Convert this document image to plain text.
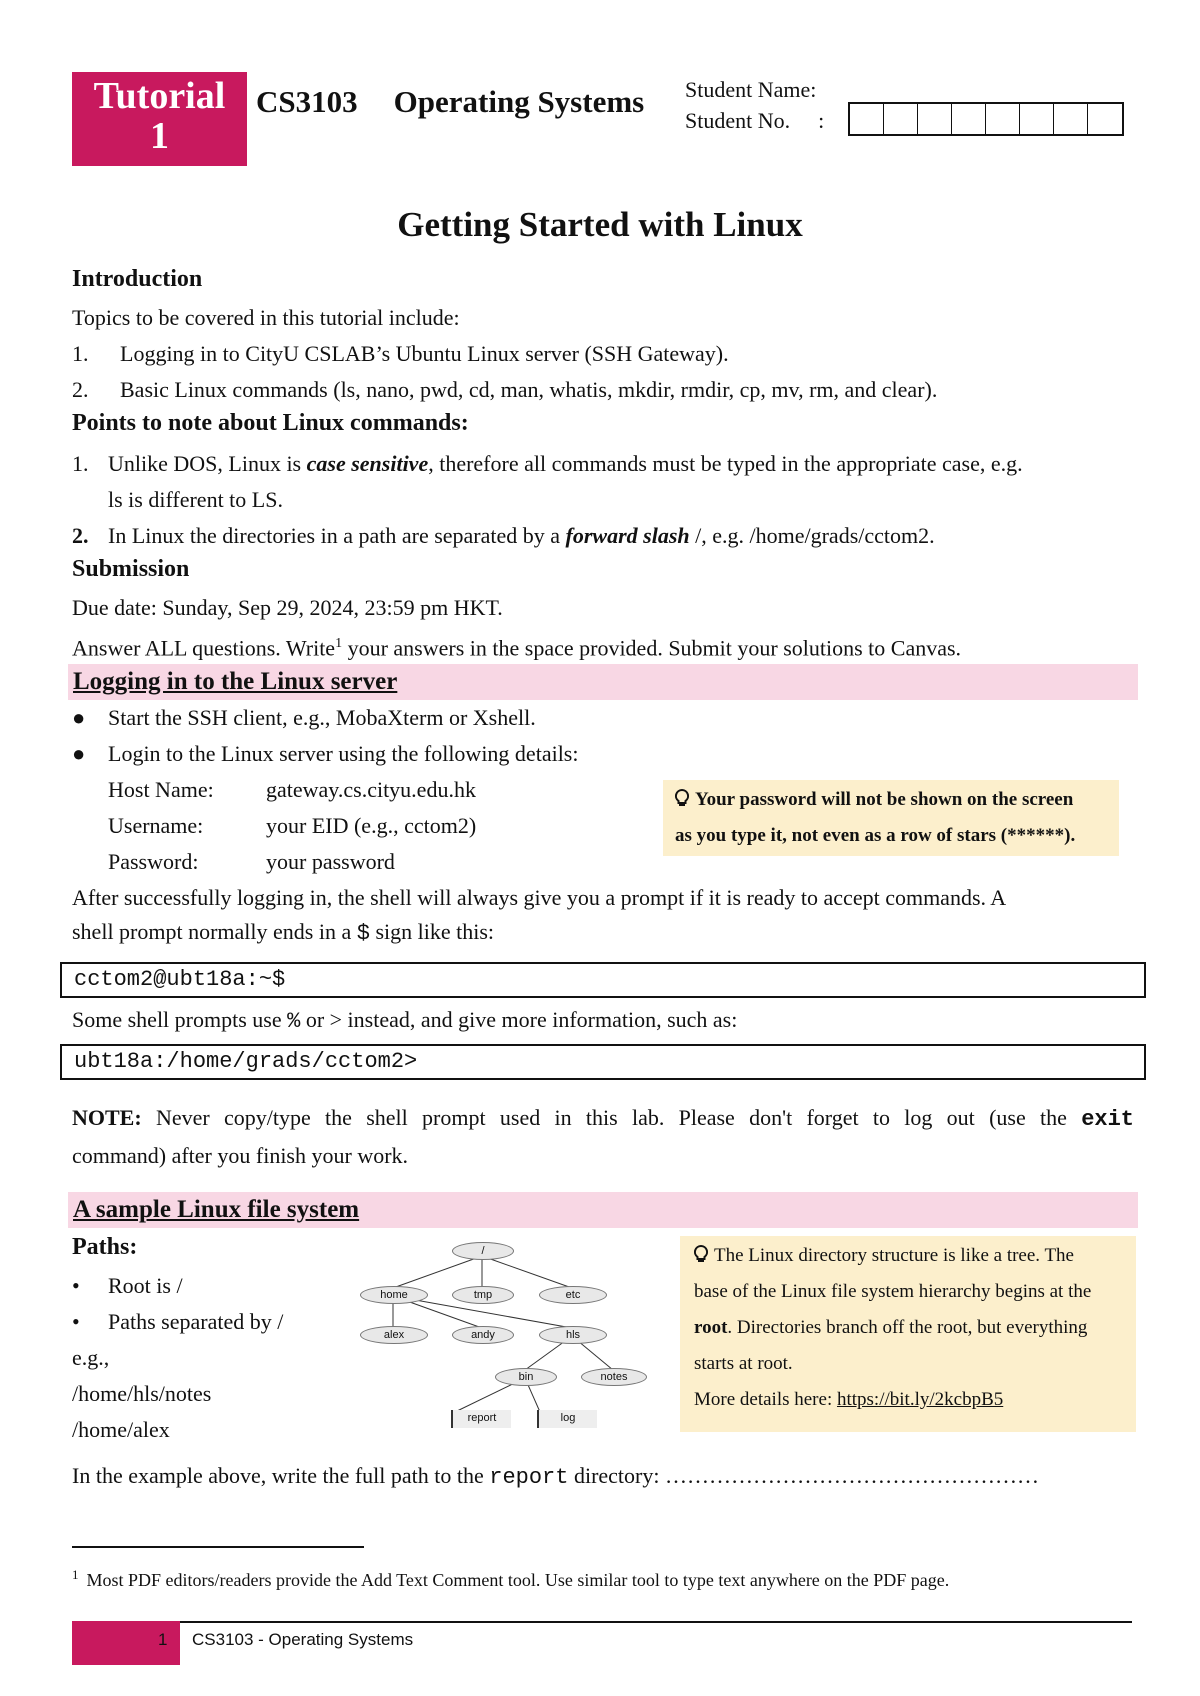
Tutorial
1
CS3103 Operating Systems Student Name:
Student No. :
Getting Started with Linux
Introduction
Topics to be covered in this tutorial include:
1. Logging in to CityU CSLAB’s Ubuntu Linux server (SSH Gateway).
2. Basic Linux commands (ls, nano, pwd, cd, man, whatis, mkdir, rmdir, cp, mv, rm, and clear).
Points to note about Linux commands:
1. Unlike DOS, Linux is case sensitive, therefore all commands must be typed in the appropriate case, e.g.
ls is different to LS.
2. In Linux the directories in a path are separated by a forward slash /, e.g. /home/grads/cctom2.
Submission
Due date: Sunday, Sep 29, 2024, 23:59 pm HKT.
Answer ALL questions. Write$^1$ your answers in the space provided. Submit your solutions to Canvas.
Logging in to the Linux server
● Start the SSH client, e.g., MobaXterm or Xshell.
● Login to the Linux server using the following details:
Host Name: gateway.cs.cityu.edu.hk
Username:	your EID (e.g., cctom2)
Password:	your password
Your password will not be shown on the screen
as you type it, not even as a row of stars (******).
After successfully logging in, the shell will always give you a prompt if it is ready to accept commands. A
shell prompt normally ends in a $ sign like this:
cctom2@ubt18a:~$
Some shell prompts use % or > instead, and give more information, such as:
ubt18a:/home/grads/cctom2>
NOTE: Never copy/type the shell prompt used in this lab. Please don't forget to log out (use the exit
command) after you finish your work.
A sample Linux file system
Paths:
• Root is /
• Paths separated by /
e.g.,
/home/hls/notes
/home/alex
/
home	tmp	etc
alex	andy	hls
bin	notes
report	log
The Linux directory structure is like a tree. The
base of the Linux file system hierarchy begins at the
root. Directories branch off the root, but everything
starts at root.
More details here: https://bit.ly/2kcbpB5
In the example above, write the full path to the report directory: ……………………………………………
$^1$ Most PDF editors/readers provide the Add Text Comment tool. Use similar tool to type text anywhere on the PDF page.
1 CS3103 - Operating Systems
